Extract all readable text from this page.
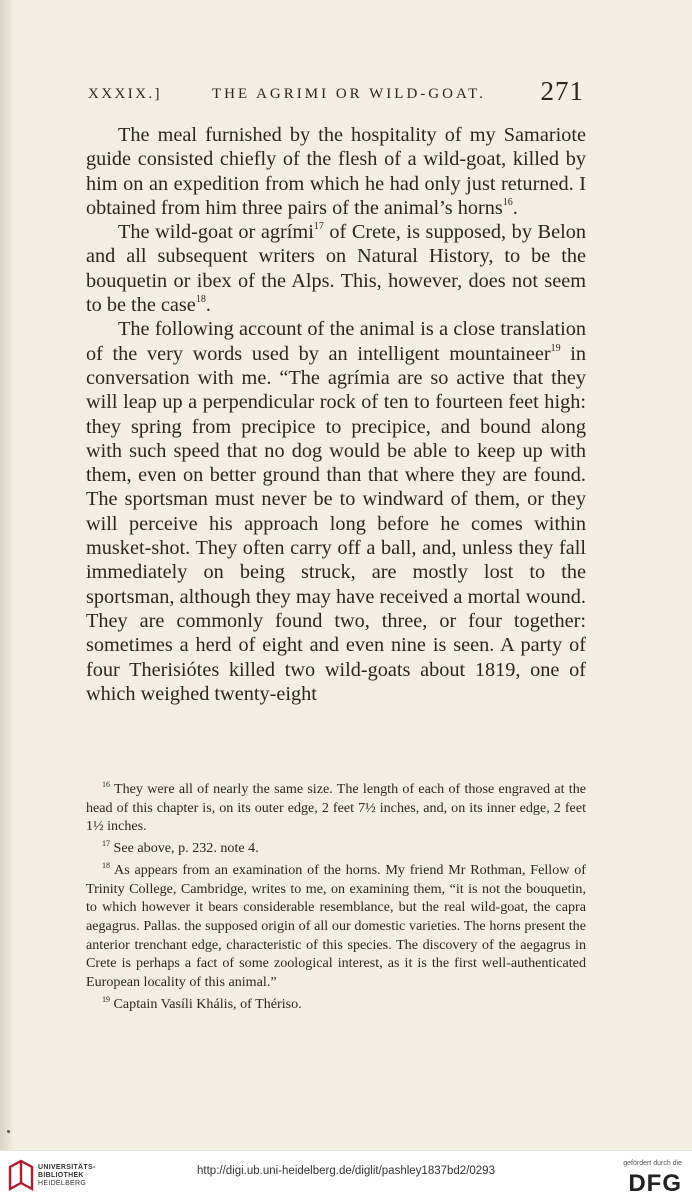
XXXIX.]	THE AGRIMI OR WILD-GOAT. 271

The meal furnished by the hospitality of my Samariote guide consisted chiefly of the flesh of a wild-goat, killed by him on an expedition from which he had only just returned. I obtained from him three pairs of the animal’s horns$^{16}$.

The wild-goat or agrími$^{17}$ of Crete, is supposed, by Belon and all subsequent writers on Natural History, to be the bouquetin or ibex of the Alps. This, however, does not seem to be the case$^{18}$.

The following account of the animal is a close translation of the very words used by an intelligent mountaineer$^{19}$ in conversation with me. “The agrímia are so active that they will leap up a perpendicular rock of ten to fourteen feet high: they spring from precipice to precipice, and bound along with such speed that no dog would be able to keep up with them, even on better ground than that where they are found. The sportsman must never be to windward of them, or they will perceive his approach long before he comes within musket-shot. They often carry off a ball, and, unless they fall immediately on being struck, are mostly lost to the sportsman, although they may have received a mortal wound. They are commonly found two, three, or four together: sometimes a herd of eight and even nine is seen. A party of four Therisiótes killed two wild-goats about 1819, one of which weighed twenty-eight

$^{16}$ They were all of nearly the same size. The length of each of those engraved at the head of this chapter is, on its outer edge, 2 feet 7½ inches, and, on its inner edge, 2 feet 1½ inches.

$^{17}$ See above, p. 232. note 4.

$^{18}$ As appears from an examination of the horns. My friend Mr Rothman, Fellow of Trinity College, Cambridge, writes to me, on examining them, “it is not the bouquetin, to which however it bears considerable resemblance, but the real wild-goat, the capra aegagrus. Pallas. the supposed origin of all our domestic varieties. The horns present the anterior trenchant edge, characteristic of this species. The discovery of the aegagrus in Crete is perhaps a fact of some zoological interest, as it is the first well-authenticated European locality of this animal.”

$^{19}$ Captain Vasíli Khális, of Thériso.

UNIVERSITÄTS-
BIBLIOTHEK
HEIDELBERG
http://digi.ub.uni-heidelberg.de/diglit/pashley1837bd2/0293
gefördert durch die
DFG
